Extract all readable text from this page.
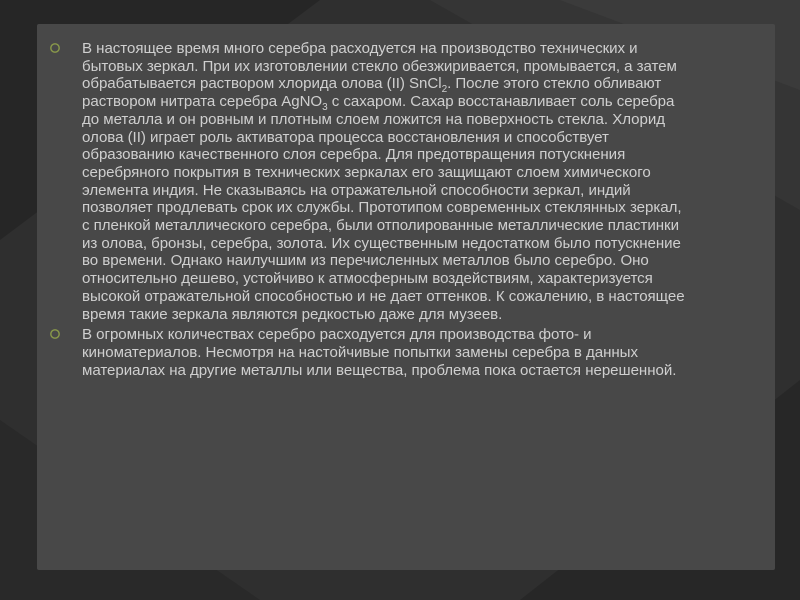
В настоящее время много серебра расходуется на производство технических и бытовых зеркал. При их изготовлении стекло обезжиривается, промывается, а затем обрабатывается раствором хлорида олова (II) SnCl$_2$. После этого стекло обливают раствором нитрата серебра AgNO$_3$ с сахаром. Сахар восстанавливает соль серебра до металла и он ровным и плотным слоем ложится на поверхность стекла. Хлорид олова (II) играет роль активатора процесса восстановления и способствует образованию качественного слоя серебра. Для предотвращения потускнения серебряного покрытия в технических зеркалах его защищают слоем химического элемента индия. Не сказываясь на отражательной способности зеркал, индий позволяет продлевать срок их службы. Прототипом современных стеклянных зеркал, с пленкой металлического серебра, были отполированные металлические пластинки из олова, бронзы, серебра, золота. Их существенным недостатком было потускнение во времени. Однако наилучшим из перечисленных металлов было серебро. Оно относительно дешево, устойчиво к атмосферным воздействиям, характеризуется высокой отражательной способностью и не дает оттенков. К сожалению, в настоящее время такие зеркала являются редкостью даже для музеев.
В огромных количествах серебро расходуется для производства фото- и киноматериалов. Несмотря на настойчивые попытки замены серебра в данных материалах на другие металлы или вещества, проблема пока остается нерешенной.
